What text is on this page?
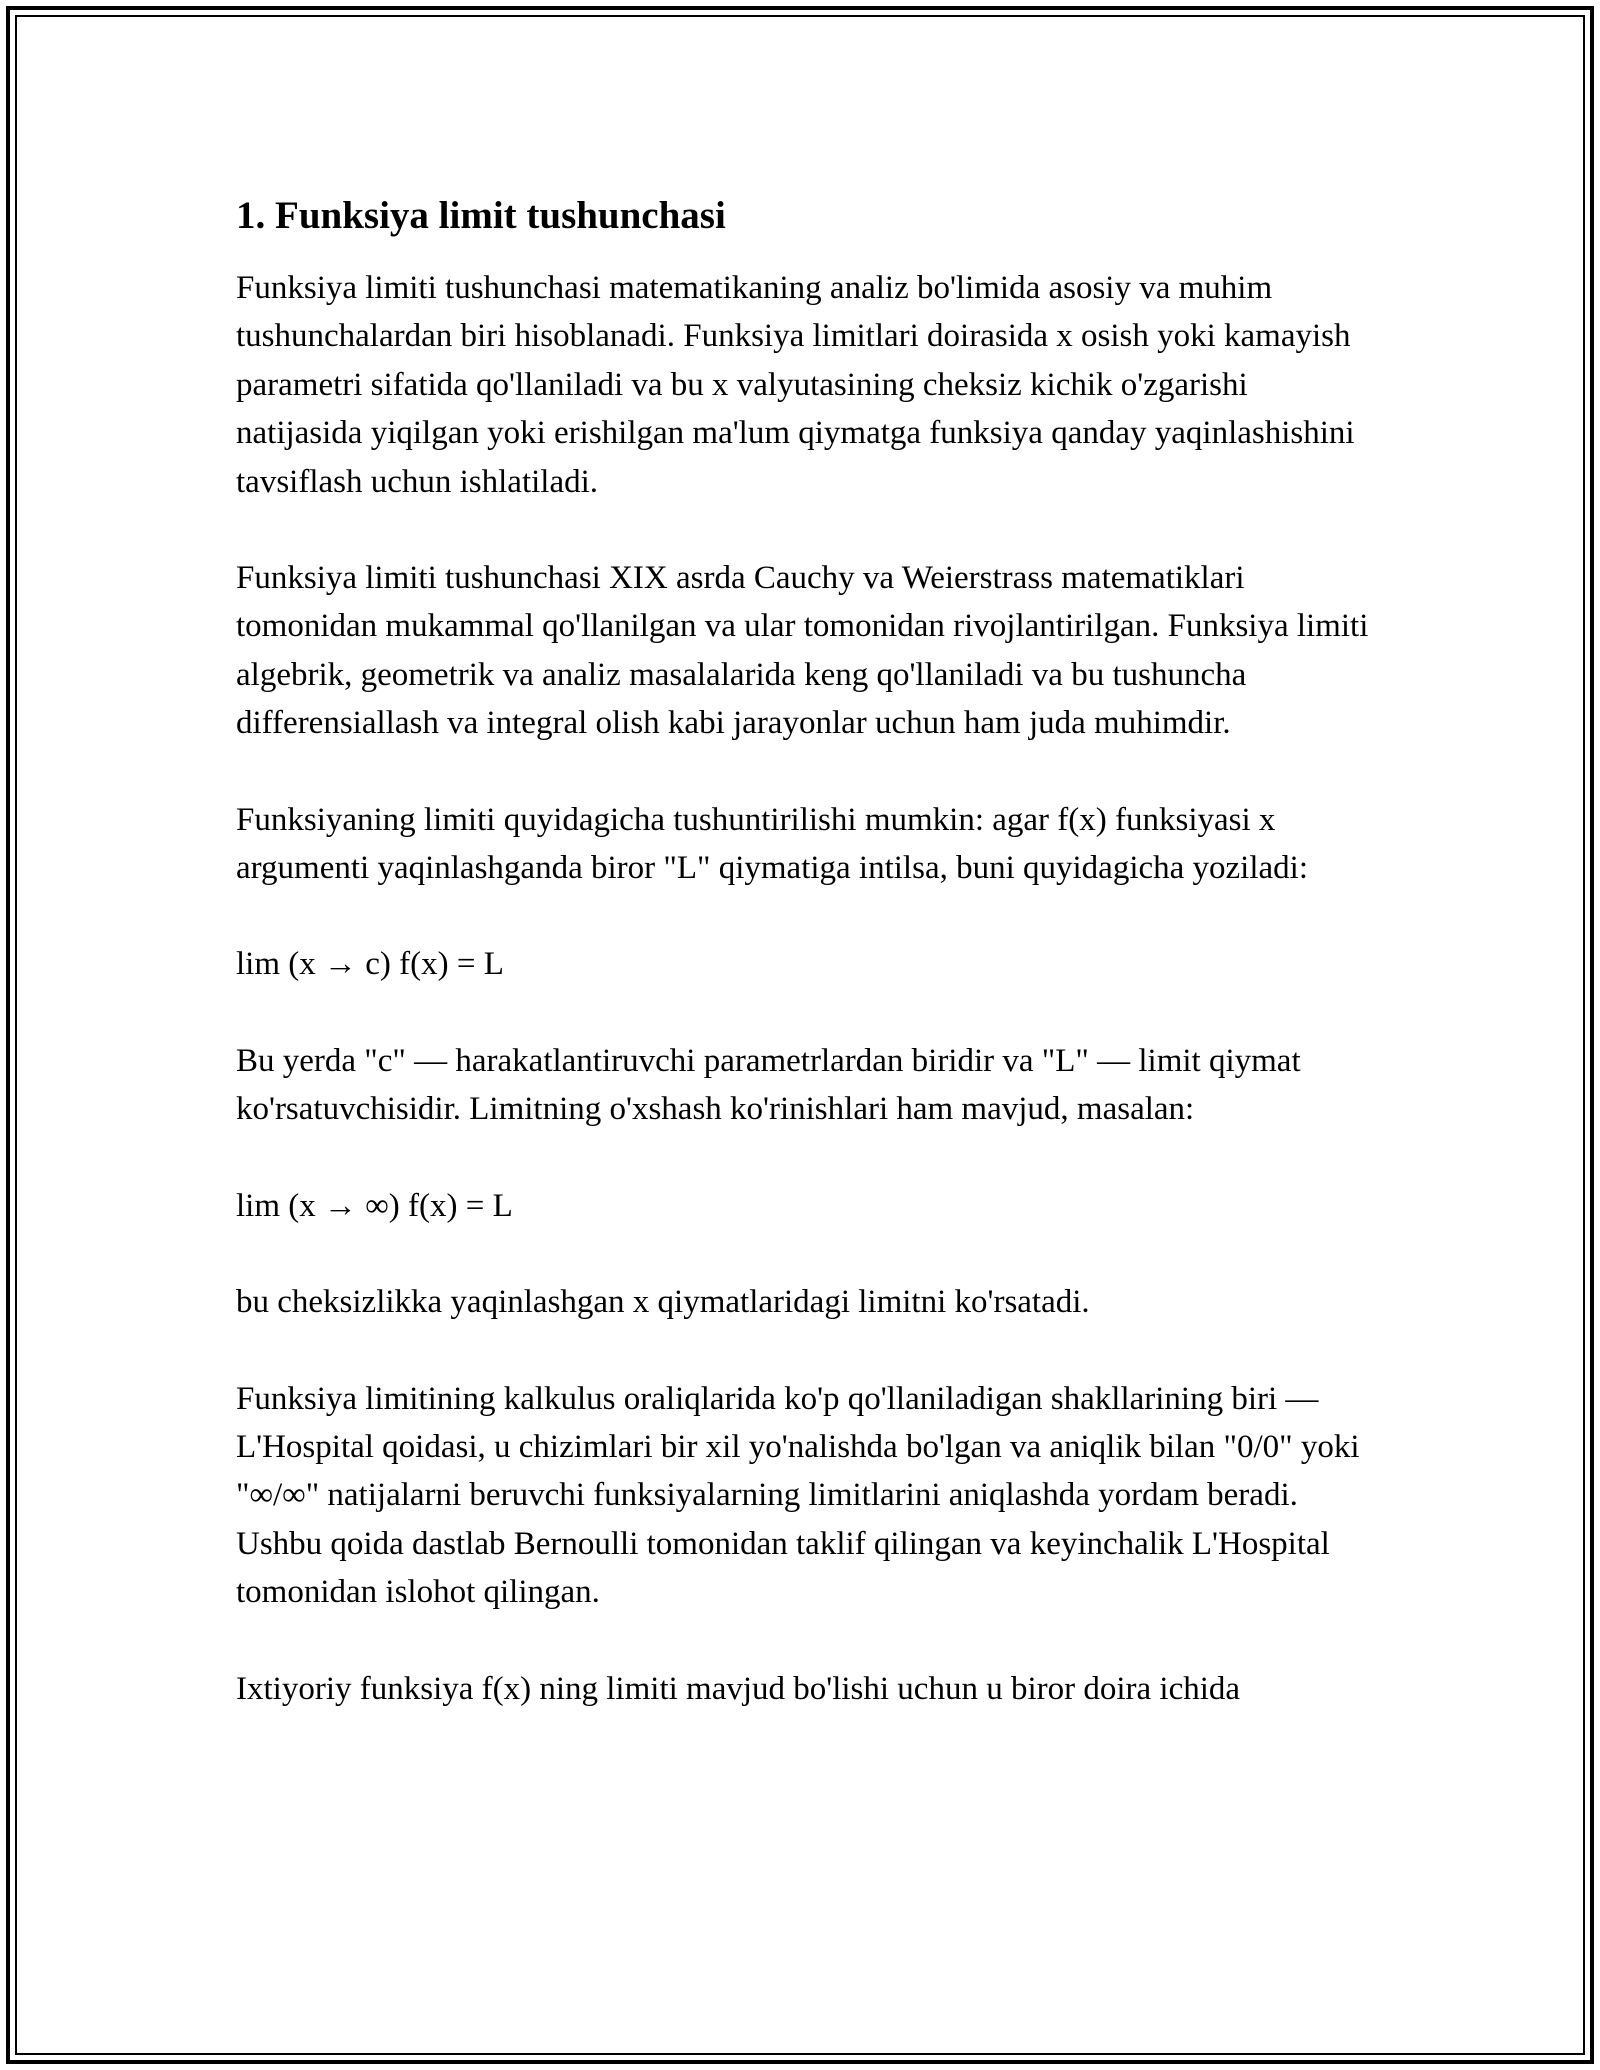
1. Funksiya limit tushunchasi

Funksiya limiti tushunchasi matematikaning analiz bo'limida asosiy va muhim tushunchalardan biri hisoblanadi. Funksiya limitlari doirasida x osish yoki kamayish parametri sifatida qo'llaniladi va bu x valyutasining cheksiz kichik o'zgarishi natijasida yiqilgan yoki erishilgan ma'lum qiymatga funksiya qanday yaqinlashishini tavsiflash uchun ishlatiladi.

Funksiya limiti tushunchasi XIX asrda Cauchy va Weierstrass matematiklari tomonidan mukammal qo'llanilgan va ular tomonidan rivojlantirilgan. Funksiya limiti algebrik, geometrik va analiz masalalarida keng qo'llaniladi va bu tushuncha differensiallash va integral olish kabi jarayonlar uchun ham juda muhimdir.

Funksiyaning limiti quyidagicha tushuntirilishi mumkin: agar f(x) funksiyasi x argumenti yaqinlashganda biror "L" qiymatiga intilsa, buni quyidagicha yoziladi:

lim (x → c) f(x) = L

Bu yerda "c" — harakatlantiruvchi parametrlardan biridir va "L" — limit qiymat ko'rsatuvchisidir. Limitning o'xshash ko'rinishlari ham mavjud, masalan:

lim (x → ∞) f(x) = L

bu cheksizlikka yaqinlashgan x qiymatlaridagi limitni ko'rsatadi.

Funksiya limitining kalkulus oraliqlarida ko'p qo'llaniladigan shakllarining biri — L'Hospital qoidasi, u chizimlari bir xil yo'nalishda bo'lgan va aniqlik bilan "0/0" yoki "∞/∞" natijalarni beruvchi funksiyalarning limitlarini aniqlashda yordam beradi. Ushbu qoida dastlab Bernoulli tomonidan taklif qilingan va keyinchalik L'Hospital tomonidan islohot qilingan.

Ixtiyoriy funksiya f(x) ning limiti mavjud bo'lishi uchun u biror doira ichida
